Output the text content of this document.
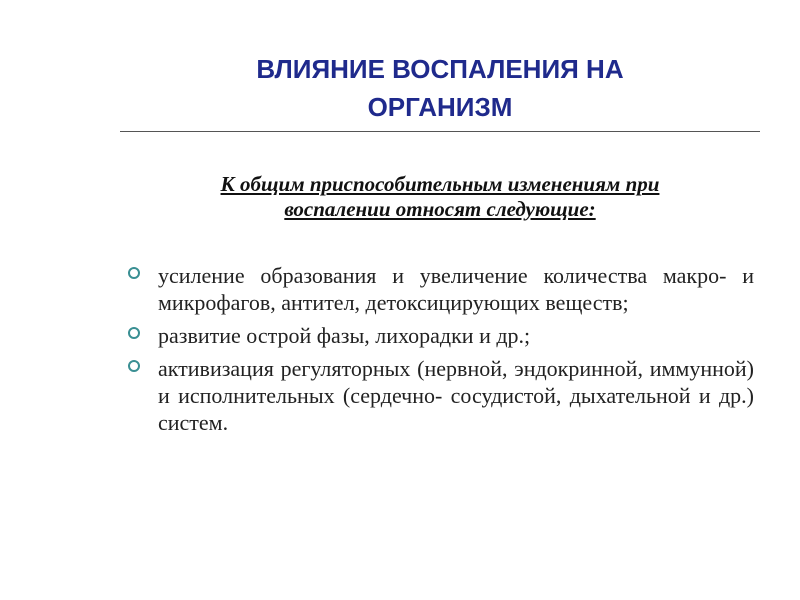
ВЛИЯНИЕ ВОСПАЛЕНИЯ НА
ОРГАНИЗМ
К общим приспособительным изменениям при
воспалении относят следующие:
усиление образования и увеличение количества макро- и микрофагов, антител, детоксицирующих веществ;
развитие острой фазы, лихорадки и др.;
активизация регуляторных (нервной, эндокринной, иммунной) и исполнительных (сердечно- сосудистой, дыхательной и др.) систем.
